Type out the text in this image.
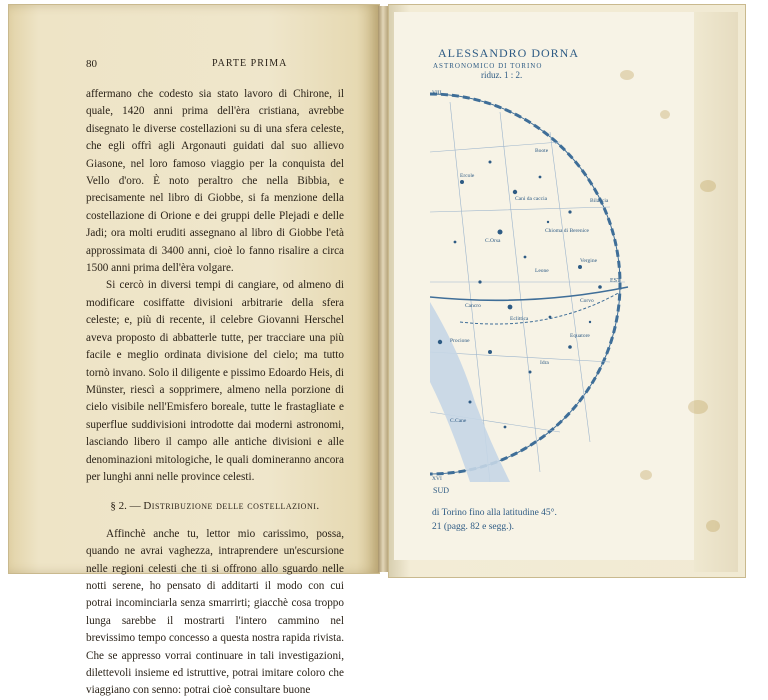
80	PARTE PRIMA

affermano che codesto sia stato lavoro di Chirone, il quale, 1420 anni prima dell'èra cristiana, avrebbe disegnato le diverse costellazioni su di una sfera celeste, che egli offrì agli Argonauti guidati dal suo allievo Giasone, nel loro famoso viaggio per la conquista del Vello d'oro. È noto peraltro che nella Bibbia, e precisamente nel libro di Giobbe, si fa menzione della costellazione di Orione e dei gruppi delle Plejadi e delle Jadi; ora molti eruditi assegnano al libro di Giobbe l'età approssimata di 3400 anni, cioè lo fanno risalire a circa 1500 anni prima dell'èra volgare.

Si cercò in diversi tempi di cangiare, od almeno di modificare cosiffatte divisioni arbitrarie della sfera celeste; e, più di recente, il celebre Giovanni Herschel aveva proposto di abbatterle tutte, per tracciare una più facile e meglio ordinata divisione del cielo; ma tutto tornò invano. Solo il diligente e pissimo Edoardo Heis, di Münster, riescì a sopprimere, almeno nella porzione di cielo visibile nell'Emisfero boreale, tutte le frastagliate e superflue suddivisioni introdotte dai moderni astronomi, lasciando libero il campo alle antiche divisioni e alle denominazioni mitologiche, le quali domineranno ancora per lunghi anni nelle province celesti.

§ 2. — Distribuzione delle costellazioni.

Affinchè anche tu, lettor mio carissimo, possa, quando ne avrai vaghezza, intraprendere un'escursione nelle regioni celesti che ti si offrono allo sguardo nelle notti serene, ho pensato di additarti il modo con cui potrai incominciarla senza smarrirti; giacchè cosa troppo lunga sarebbe il mostrarti l'intero cammino nel brevissimo tempo concesso a questa nostra rapida rivista. Che se appresso vorrai continuare in tali investigazioni, dilettevoli insieme ed istruttive, potrai imitare coloro che viaggiano con senno: potrai cioè consultare buone

ALESSANDRO DORNA
ASTRONOMICO DI TORINO
riduz. 1 : 2.
VIII
XVI
EST
Ercole
Boote
Cani da caccia
Chioma di Berenice
C.Orsa
Leone
Vergine
Eclittica
Equatore
Cancro
Idra
Corvo
Procione
C.Cane
Bilancia
SUD
di Torino fino alla latitudine 45°.
21 (pagg. 82 e segg.).
